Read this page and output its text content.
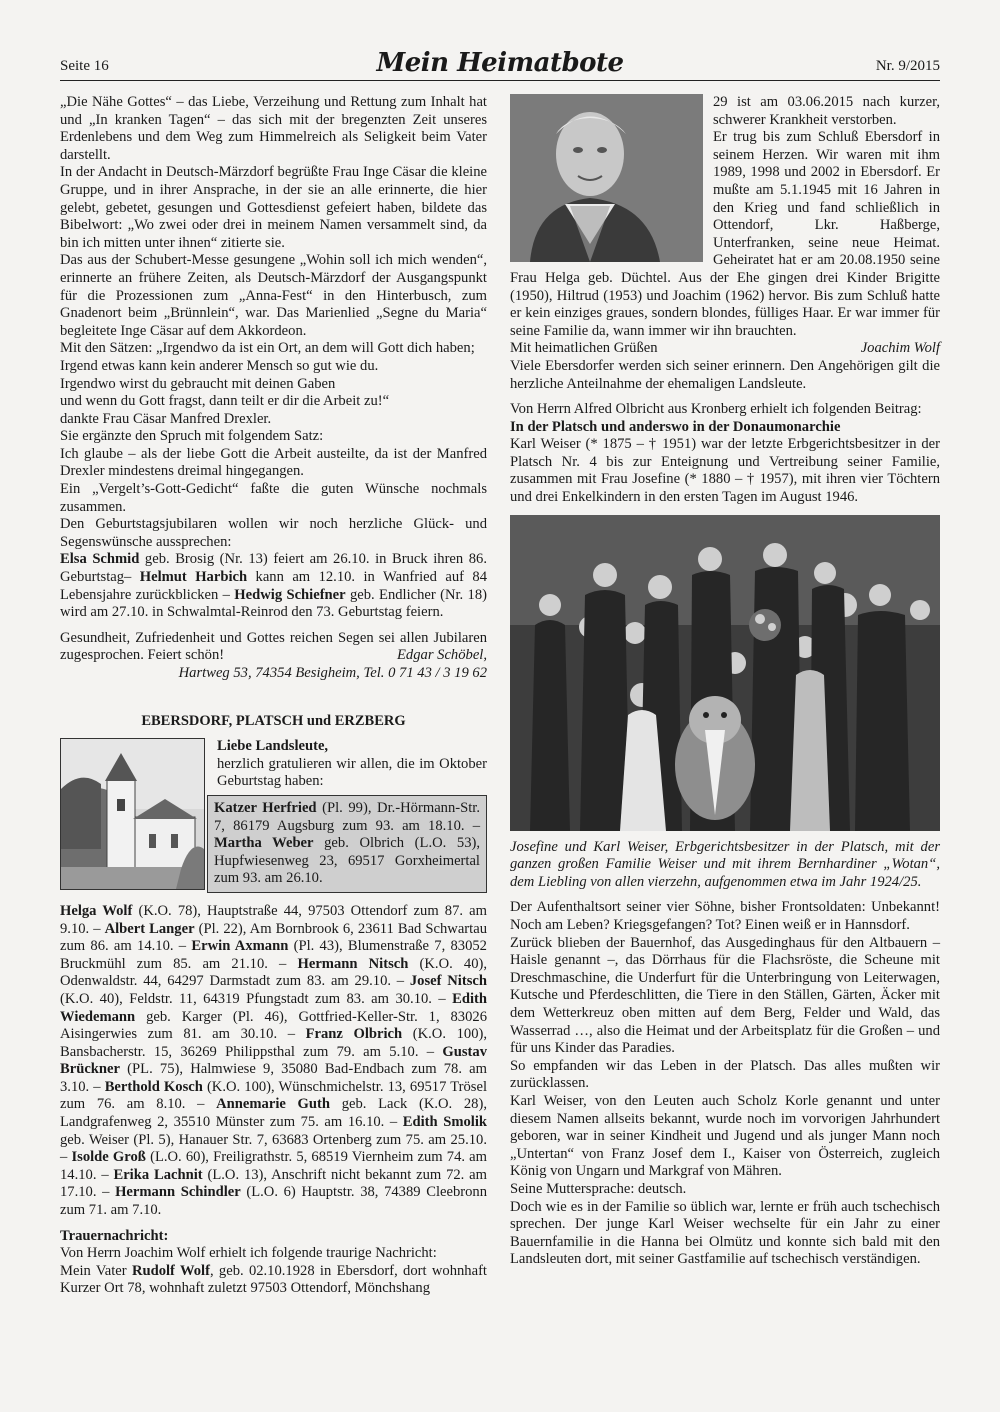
Seite 16	Mein Heimatbote	Nr. 9/2015

„Die Nähe Gottes“ – das Liebe, Verzeihung und Rettung zum Inhalt hat und „In kranken Tagen“ – das sich mit der bregenzten Zeit unseres Erdenlebens und dem Weg zum Himmelreich als Seligkeit beim Vater darstellt.

In der Andacht in Deutsch-Märzdorf begrüßte Frau Inge Cäsar die kleine Gruppe, und in ihrer Ansprache, in der sie an alle erinnerte, die hier gelebt, gebetet, gesungen und Gottesdienst gefeiert haben, bildete das Bibelwort: „Wo zwei oder drei in meinem Namen versammelt sind, da bin ich mitten unter ihnen“ zitierte sie.

Das aus der Schubert-Messe gesungene „Wohin soll ich mich wenden“, erinnerte an frühere Zeiten, als Deutsch-Märzdorf der Ausgangspunkt für die Prozessionen zum „Anna-Fest“ in den Hinterbusch, zum Gnadenort beim „Brünnlein“, war. Das Marienlied „Segne du Maria“ begleitete Inge Cäsar auf dem Akkordeon.

Mit den Sätzen: „Irgendwo da ist ein Ort, an dem will Gott dich haben;

Irgend etwas kann kein anderer Mensch so gut wie du.

Irgendwo wirst du gebraucht mit deinen Gaben

und wenn du Gott fragst, dann teilt er dir die Arbeit zu!“

dankte Frau Cäsar Manfred Drexler.

Sie ergänzte den Spruch mit folgendem Satz:

Ich glaube – als der liebe Gott die Arbeit austeilte, da ist der Manfred Drexler mindestens dreimal hingegangen.

Ein „Vergelt’s-Gott-Gedicht“ faßte die guten Wünsche nochmals zusammen.

Den Geburtstagsjubilaren wollen wir noch herzliche Glück- und Segenswünsche aussprechen:

Elsa Schmid geb. Brosig (Nr. 13) feiert am 26.10. in Bruck ihren 86. Geburtstag– Helmut Harbich kann am 12.10. in Wanfried auf 84 Lebensjahre zurückblicken – Hedwig Schiefner geb. Endlicher (Nr. 18) wird am 27.10. in Schwalmtal-Reinrod den 73. Geburtstag feiern.

Gesundheit, Zufriedenheit und Gottes reichen Segen sei allen Jubilaren zugesprochen. Feiert schön!	Edgar Schöbel,

Hartweg 53, 74354 Besigheim, Tel. 0 71 43 / 3 19 62

EBERSDORF, PLATSCH und ERZBERG

Liebe Landsleute,

herzlich gratulieren wir allen, die im Oktober Geburtstag haben:

Katzer Herfried (Pl. 99), Dr.-Hörmann-Str. 7, 86179 Augsburg zum 93. am 18.10. – Martha Weber geb. Olbrich (L.O. 53), Hupfwiesenweg 23, 69517 Gorxheimertal zum 93. am 26.10.

Helga Wolf (K.O. 78), Hauptstraße 44, 97503 Ottendorf zum 87. am 9.10. – Albert Langer (Pl. 22), Am Bornbrook 6, 23611 Bad Schwartau zum 86. am 14.10. – Erwin Axmann (Pl. 43), Blumenstraße 7, 83052 Bruckmühl zum 85. am 21.10. – Hermann Nitsch (K.O. 40), Odenwaldstr. 44, 64297 Darmstadt zum 83. am 29.10. – Josef Nitsch (K.O. 40), Feldstr. 11, 64319 Pfungstadt zum 83. am 30.10. – Edith Wiedemann geb. Karger (Pl. 46), Gottfried-Keller-Str. 1, 83026 Aisingerwies zum 81. am 30.10. – Franz Olbrich (K.O. 100), Bansbacherstr. 15, 36269 Philippsthal zum 79. am 5.10. – Gustav Brückner (PL. 75), Halmwiese 9, 35080 Bad-Endbach zum 78. am 3.10. – Berthold Kosch (K.O. 100), Wünschmichelstr. 13, 69517 Trösel zum 76. am 8.10. – Annemarie Guth geb. Lack (K.O. 28), Landgrafenweg 2, 35510 Münster zum 75. am 16.10. – Edith Smolik geb. Weiser (Pl. 5), Hanauer Str. 7, 63683 Ortenberg zum 75. am 25.10. – Isolde Groß (L.O. 60), Freiligrathstr. 5, 68519 Viernheim zum 74. am 14.10. – Erika Lachnit (L.O. 13), Anschrift nicht bekannt zum 72. am 17.10. – Hermann Schindler (L.O. 6) Hauptstr. 38, 74389 Cleebronn zum 71. am 7.10.

Trauernachricht:

Von Herrn Joachim Wolf erhielt ich folgende traurige Nachricht:

Mein Vater Rudolf Wolf, geb. 02.10.1928 in Ebersdorf, dort wohnhaft Kurzer Ort 78, wohnhaft zuletzt 97503 Ottendorf, Mönchshang

29 ist am 03.06.2015 nach kurzer, schwerer Krankheit verstorben.

Er trug bis zum Schluß Ebersdorf in seinem Herzen. Wir waren mit ihm 1989, 1998 und 2002 in Ebersdorf. Er mußte am 5.1.1945 mit 16 Jahren in den Krieg und fand schließlich in Ottendorf, Lkr. Haßberge, Unterfranken, seine neue Heimat. Geheiratet hat er am 20.08.1950 seine Frau Helga geb. Düchtel. Aus der Ehe gingen drei Kinder Brigitte (1950), Hiltrud (1953) und Joachim (1962) hervor. Bis zum Schluß hatte er kein einziges graues, sondern blondes, fülliges Haar. Er war immer für seine Familie da, wann immer wir ihn brauchten.

Mit heimatlichen Grüßen	Joachim Wolf

Viele Ebersdorfer werden sich seiner erinnern. Den Angehörigen gilt die herzliche Anteilnahme der ehemaligen Landsleute.

Von Herrn Alfred Olbricht aus Kronberg erhielt ich folgenden Beitrag:

In der Platsch und anderswo in der Donaumonarchie

Karl Weiser (* 1875 – † 1951) war der letzte Erbgerichtsbesitzer in der Platsch Nr. 4 bis zur Enteignung und Vertreibung seiner Familie, zusammen mit Frau Josefine (* 1880 – † 1957), mit ihren vier Töchtern und drei Enkelkindern in den ersten Tagen im August 1946.

Josefine und Karl Weiser, Erbgerichtsbesitzer in der Platsch, mit der ganzen großen Familie Weiser und mit ihrem Bernhardiner „Wotan“, dem Liebling von allen vierzehn, aufgenommen etwa im Jahr 1924/25.

Der Aufenthaltsort seiner vier Söhne, bisher Frontsoldaten: Unbekannt! Noch am Leben? Kriegsgefangen? Tot? Einen weiß er in Hannsdorf.

Zurück blieben der Bauernhof, das Ausgedinghaus für den Altbauern – Haisle genannt –, das Dörrhaus für die Flachsröste, die Scheune mit Dreschmaschine, die Underfurt für die Unterbringung von Leiterwagen, Kutsche und Pferdeschlitten, die Tiere in den Ställen, Gärten, Äcker mit dem Wetterkreuz oben mitten auf dem Berg, Felder und Wald, das Wasserrad …, also die Heimat und der Arbeitsplatz für die Großen – und für uns Kinder das Paradies.

So empfanden wir das Leben in der Platsch. Das alles mußten wir zurücklassen.

Karl Weiser, von den Leuten auch Scholz Korle genannt und unter diesem Namen allseits bekannt, wurde noch im vorvorigen Jahrhundert geboren, war in seiner Kindheit und Jugend und als junger Mann noch „Untertan“ von Franz Josef dem I., Kaiser von Österreich, zugleich König von Ungarn und Markgraf von Mähren.

Seine Muttersprache: deutsch.

Doch wie es in der Familie so üblich war, lernte er früh auch tschechisch sprechen. Der junge Karl Weiser wechselte für ein Jahr zu einer Bauernfamilie in die Hanna bei Olmütz und konnte sich bald mit den Landsleuten dort, mit seiner Gastfamilie auf tschechisch verständigen.
